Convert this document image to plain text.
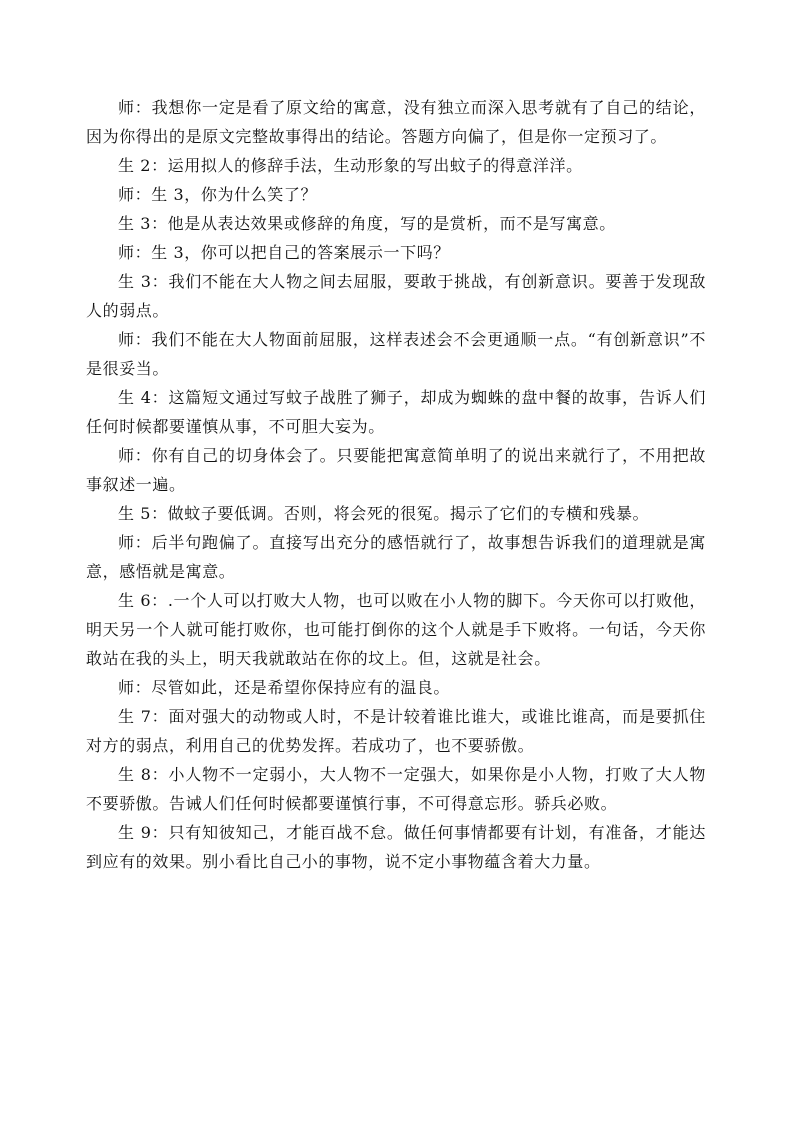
师：我想你一定是看了原文给的寓意，没有独立而深入思考就有了自己的结论，因为你得出的是原文完整故事得出的结论。答题方向偏了，但是你一定预习了。

生 2：运用拟人的修辞手法，生动形象的写出蚊子的得意洋洋。

师：生 3，你为什么笑了？

生 3：他是从表达效果或修辞的角度，写的是赏析，而不是写寓意。

师：生 3，你可以把自己的答案展示一下吗？

生 3：我们不能在大人物之间去屈服，要敢于挑战，有创新意识。要善于发现敌人的弱点。

师：我们不能在大人物面前屈服，这样表述会不会更通顺一点。“有创新意识”不是很妥当。

生 4：这篇短文通过写蚊子战胜了狮子，却成为蜘蛛的盘中餐的故事，告诉人们任何时候都要谨慎从事，不可胆大妄为。

师：你有自己的切身体会了。只要能把寓意简单明了的说出来就行了，不用把故事叙述一遍。

生 5：做蚊子要低调。否则，将会死的很冤。揭示了它们的专横和残暴。

师：后半句跑偏了。直接写出充分的感悟就行了，故事想告诉我们的道理就是寓意，感悟就是寓意。

生 6：.一个人可以打败大人物，也可以败在小人物的脚下。今天你可以打败他，明天另一个人就可能打败你，也可能打倒你的这个人就是手下败将。一句话，今天你敢站在我的头上，明天我就敢站在你的坟上。但，这就是社会。

师：尽管如此，还是希望你保持应有的温良。

生 7：面对强大的动物或人时，不是计较着谁比谁大，或谁比谁高，而是要抓住对方的弱点，利用自己的优势发挥。若成功了，也不要骄傲。

生 8：小人物不一定弱小，大人物不一定强大，如果你是小人物，打败了大人物不要骄傲。告诫人们任何时候都要谨慎行事，不可得意忘形。骄兵必败。

生 9：只有知彼知己，才能百战不怠。做任何事情都要有计划，有准备，才能达到应有的效果。别小看比自己小的事物，说不定小事物蕴含着大力量。
